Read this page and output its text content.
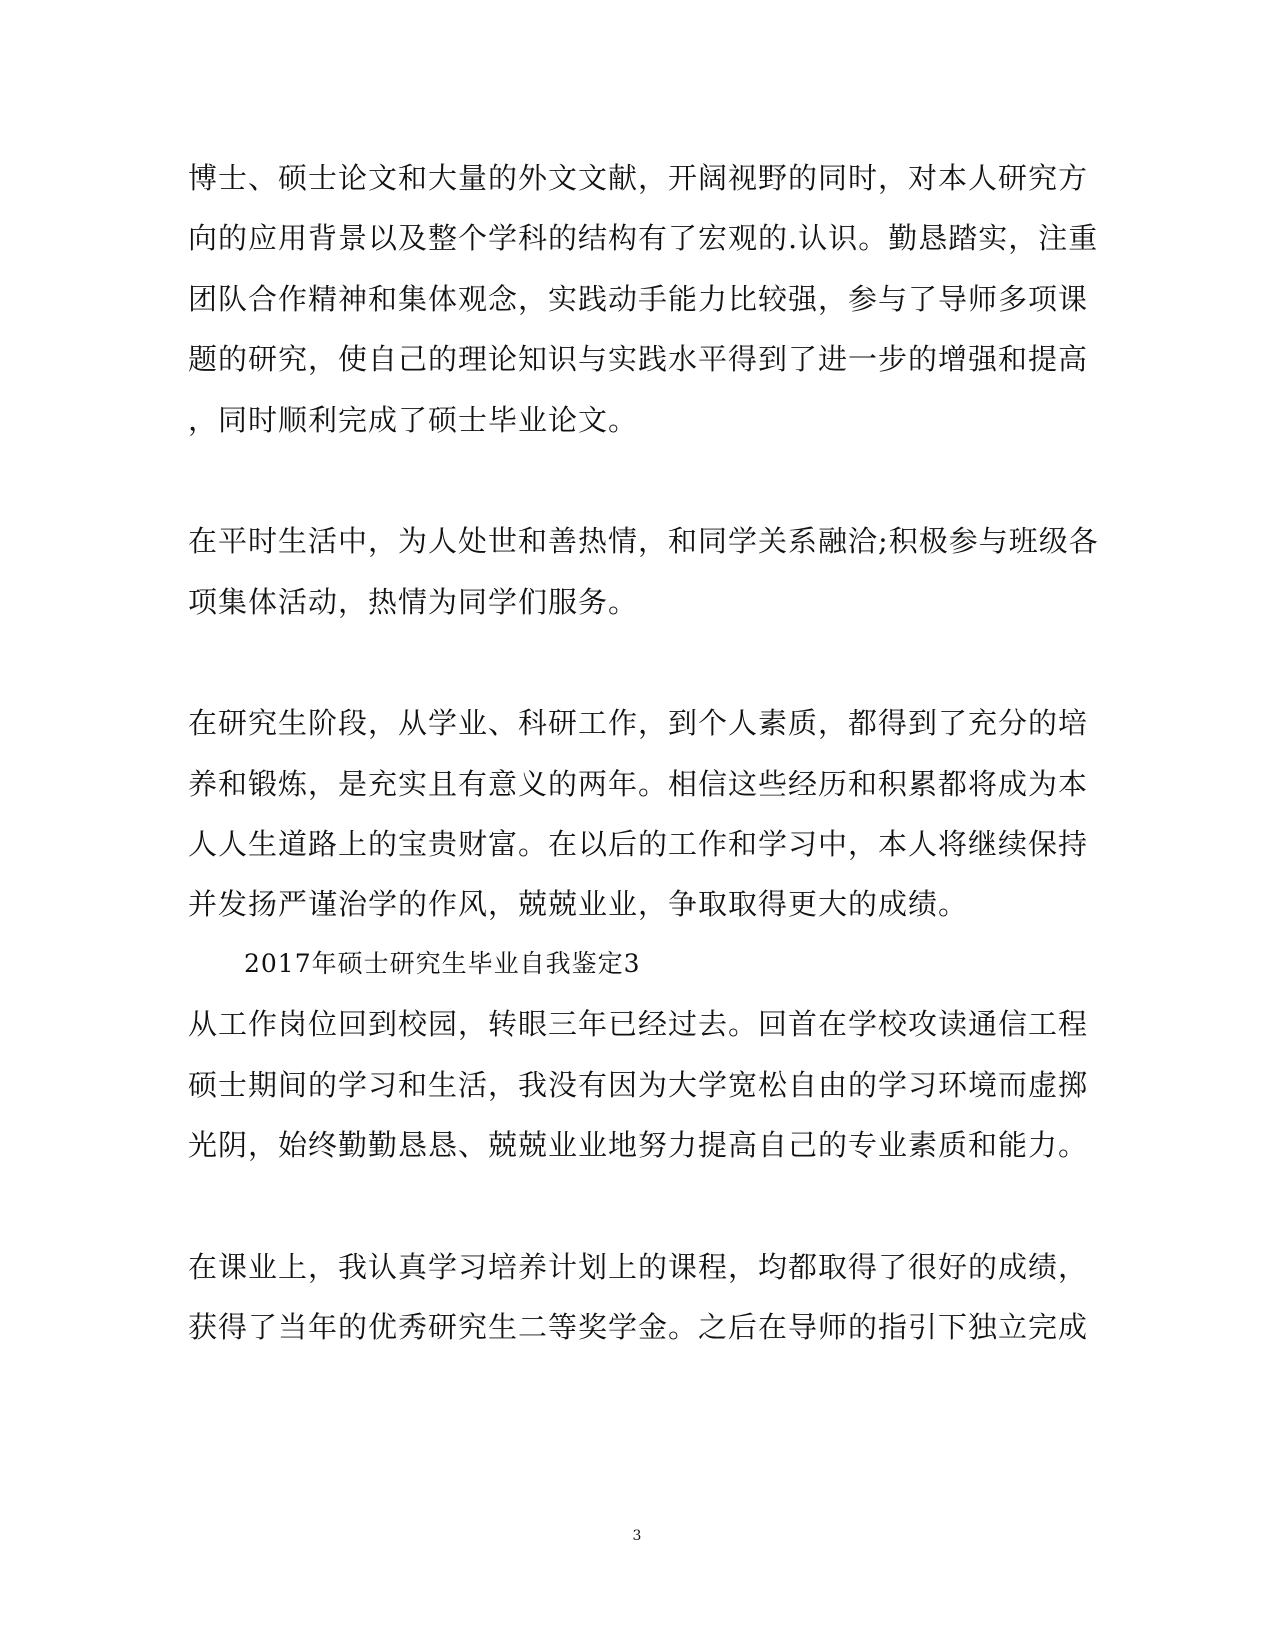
博士、硕士论文和大量的外文文献，开阔视野的同时，对本人研究方
向的应用背景以及整个学科的结构有了宏观的.认识。勤恳踏实，注重
团队合作精神和集体观念，实践动手能力比较强，参与了导师多项课
题的研究，使自己的理论知识与实践水平得到了进一步的增强和提高
，同时顺利完成了硕士毕业论文。
在平时生活中，为人处世和善热情，和同学关系融洽;积极参与班级各
项集体活动，热情为同学们服务。
在研究生阶段，从学业、科研工作，到个人素质，都得到了充分的培
养和锻炼，是充实且有意义的两年。相信这些经历和积累都将成为本
人人生道路上的宝贵财富。在以后的工作和学习中，本人将继续保持
并发扬严谨治学的作风，兢兢业业，争取取得更大的成绩。
2017年硕士研究生毕业自我鉴定3
从工作岗位回到校园，转眼三年已经过去。回首在学校攻读通信工程
硕士期间的学习和生活，我没有因为大学宽松自由的学习环境而虚掷
光阴，始终勤勤恳恳、兢兢业业地努力提高自己的专业素质和能力。
在课业上，我认真学习培养计划上的课程，均都取得了很好的成绩，
获得了当年的优秀研究生二等奖学金。之后在导师的指引下独立完成
3
